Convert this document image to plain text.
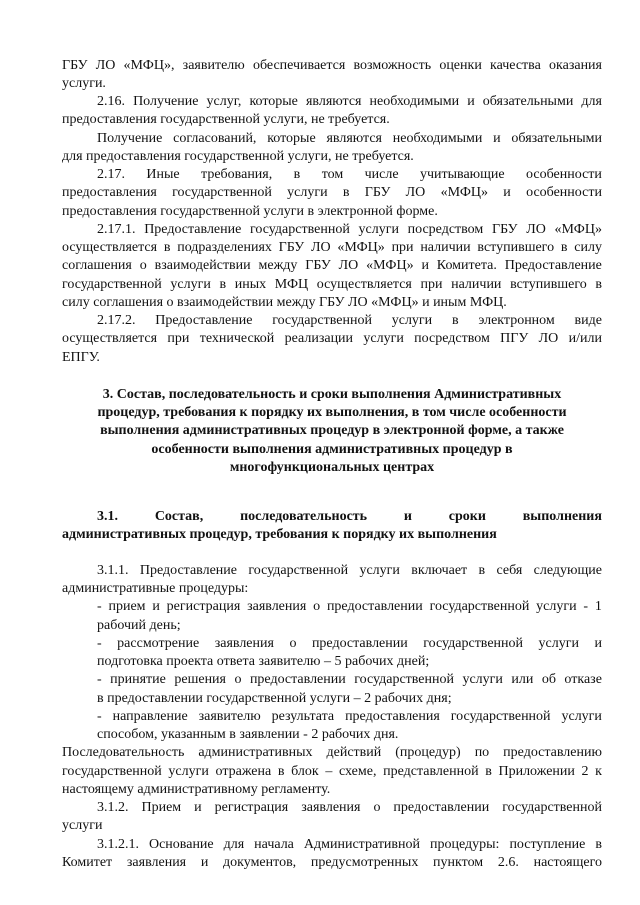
ГБУ ЛО «МФЦ», заявителю обеспечивается возможность оценки качества оказания
услуги.
2.16. Получение услуг, которые являются необходимыми и обязательными для
предоставления государственной услуги, не требуется.
Получение согласований, которые являются необходимыми и обязательными
для предоставления государственной услуги, не требуется.
2.17. Иные требования, в том числе учитывающие особенности
предоставления государственной услуги в ГБУ ЛО «МФЦ» и особенности
предоставления государственной услуги в электронной форме.
2.17.1. Предоставление государственной услуги посредством ГБУ ЛО «МФЦ»
осуществляется в подразделениях ГБУ ЛО «МФЦ» при наличии вступившего в силу
соглашения о взаимодействии между ГБУ ЛО «МФЦ» и Комитета. Предоставление
государственной услуги в иных МФЦ осуществляется при наличии вступившего в
силу соглашения о взаимодействии между ГБУ ЛО «МФЦ» и иным МФЦ.
2.17.2. Предоставление государственной услуги в электронном виде
осуществляется при технической реализации услуги посредством ПГУ ЛО и/или
ЕПГУ.
3. Состав, последовательность и сроки выполнения Административных
процедур, требования к порядку их выполнения, в том числе особенности
выполнения административных процедур в электронной форме, а также
особенности выполнения административных процедур в
многофункциональных центрах
3.1.	Состав,	последовательность	и	сроки	выполнения
административных процедур, требования к порядку их выполнения
3.1.1. Предоставление государственной услуги включает в себя следующие
административные процедуры:
- прием и регистрация заявления о предоставлении государственной услуги - 1
рабочий день;
- рассмотрение заявления о предоставлении государственной услуги и
подготовка проекта ответа заявителю – 5 рабочих дней;
- принятие решения о предоставлении государственной услуги или об отказе
в предоставлении государственной услуги – 2 рабочих дня;
- направление заявителю результата предоставления государственной услуги
способом, указанным в заявлении - 2 рабочих дня.
Последовательность административных действий (процедур) по предоставлению
государственной услуги отражена в блок – схеме, представленной в Приложении 2 к
настоящему административному регламенту.
3.1.2. Прием и регистрация заявления о предоставлении государственной
услуги
3.1.2.1. Основание для начала Административной процедуры: поступление в
Комитет заявления и документов, предусмотренных пунктом 2.6. настоящего
